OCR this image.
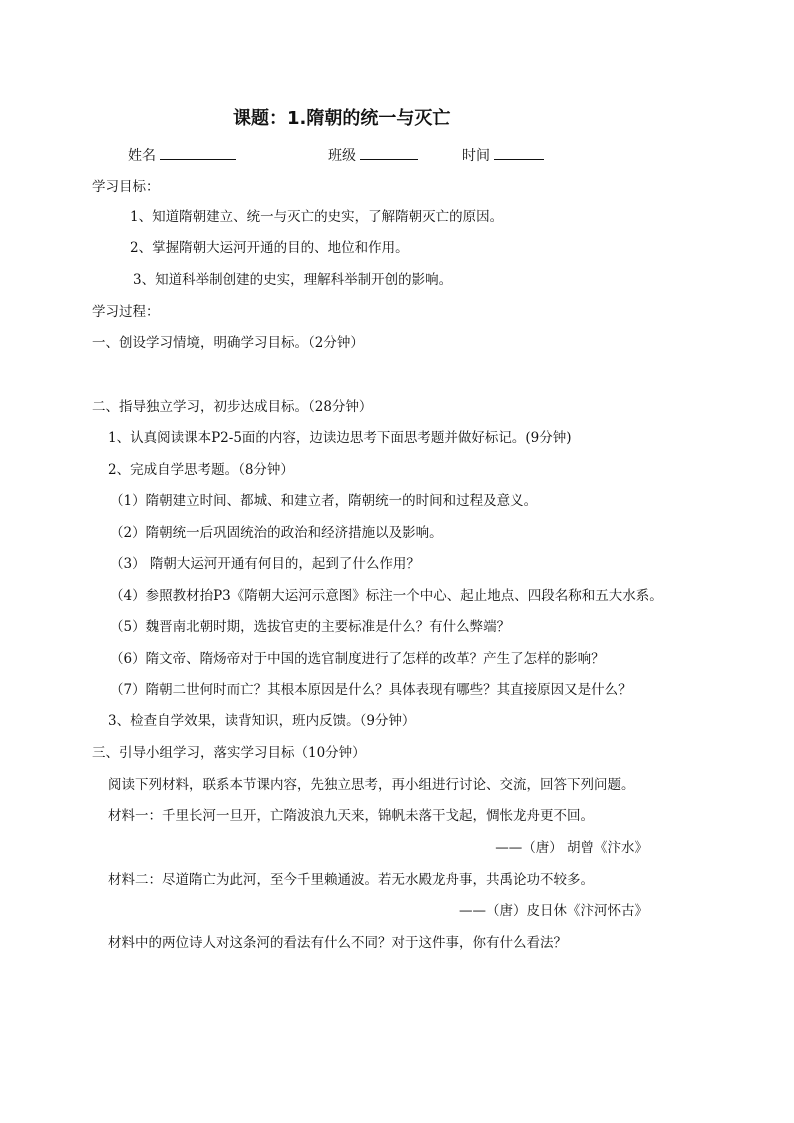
课题：1.隋朝的统一与灭亡
姓名	班级	时间
学习目标：
1、知道隋朝建立、统一与灭亡的史实，了解隋朝灭亡的原因。
2、掌握隋朝大运河开通的目的、地位和作用。
3、知道科举制创建的史实，理解科举制开创的影响。
学习过程：
一、创设学习情境，明确学习目标。（2分钟）
二、指导独立学习，初步达成目标。（28分钟）
1、认真阅读课本P2-5面的内容，边读边思考下面思考题并做好标记。(9分钟)
2、完成自学思考题。（8分钟）
（1）隋朝建立时间、都城、和建立者，隋朝统一的时间和过程及意义。
（2）隋朝统一后巩固统治的政治和经济措施以及影响。
（3） 隋朝大运河开通有何目的，起到了什么作用？
（4）参照教材抬P3《隋朝大运河示意图》标注一个中心、起止地点、四段名称和五大水系。
（5）魏晋南北朝时期，选拔官吏的主要标准是什么？有什么弊端？
（6）隋文帝、隋炀帝对于中国的选官制度进行了怎样的改革？产生了怎样的影响？
（7）隋朝二世何时而亡？其根本原因是什么？具体表现有哪些？其直接原因又是什么？
3、检查自学效果，读背知识，班内反馈。（9分钟）
三、引导小组学习，落实学习目标（10分钟）
阅读下列材料，联系本节课内容，先独立思考，再小组进行讨论、交流，回答下列问题。
材料一：千里长河一旦开，亡隋波浪九天来，锦帆未落干戈起，惆怅龙舟更不回。
——（唐） 胡曾《汴水》
材料二：尽道隋亡为此河，至今千里赖通波。若无水殿龙舟事，共禹论功不较多。
——（唐）皮日休《汴河怀古》
材料中的两位诗人对这条河的看法有什么不同？对于这件事，你有什么看法？
